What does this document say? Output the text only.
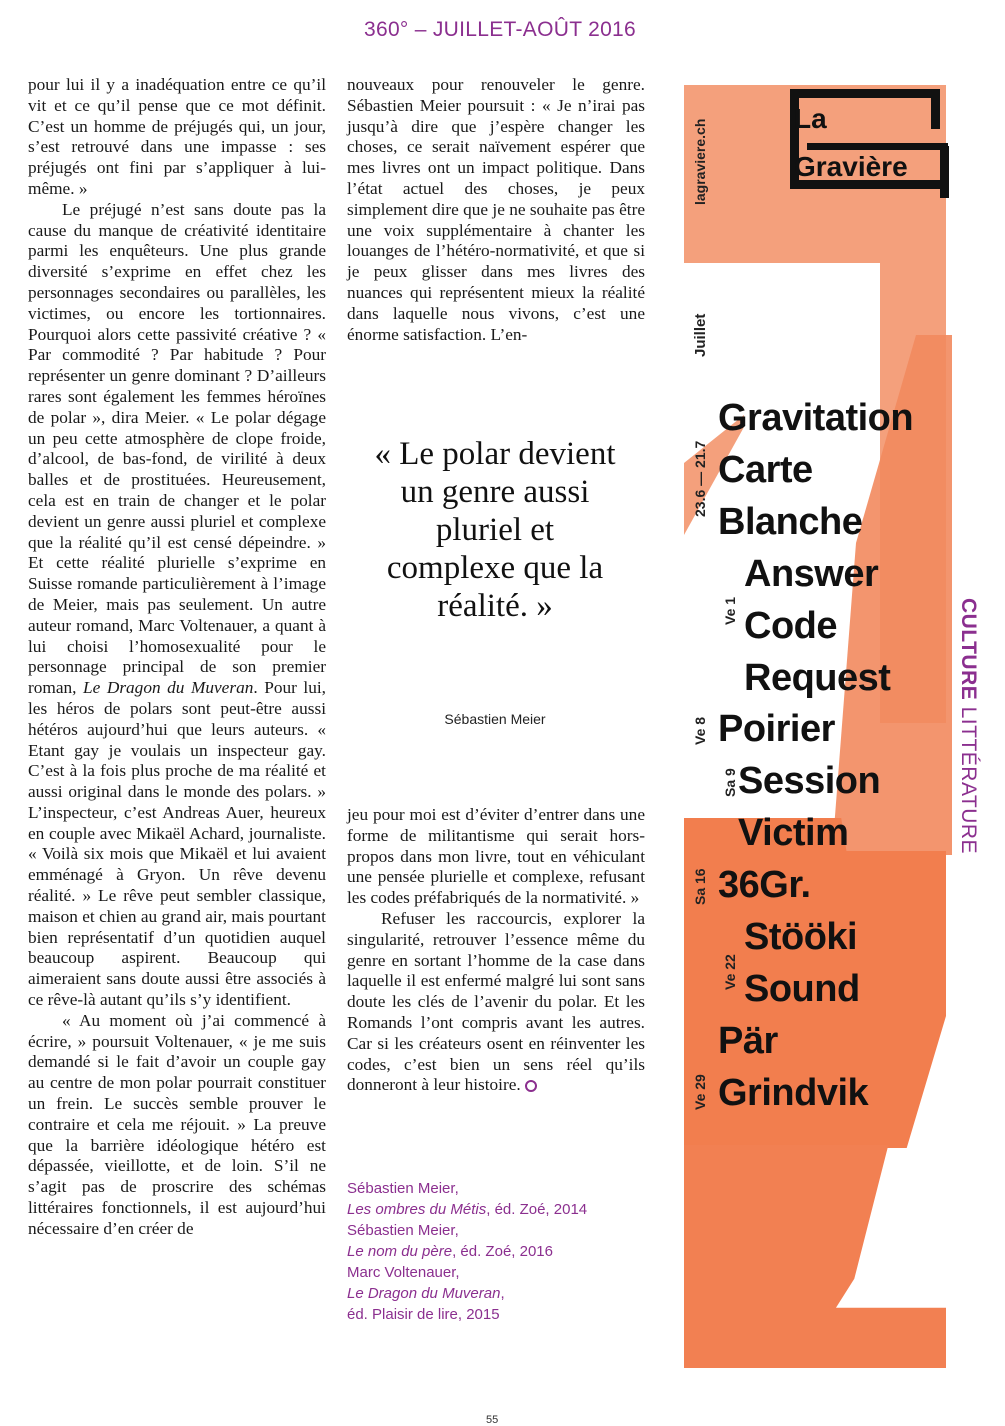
360° – JUILLET-AOÛT 2016

pour lui il y a inadéquation entre ce qu’il vit et ce qu’il pense que ce mot définit. C’est un homme de préjugés qui, un jour, s’est retrouvé dans une impasse : ses préjugés ont fini par s’appliquer à lui-même. »

Le préjugé n’est sans doute pas la cause du manque de créativité identitaire parmi les enquêteurs. Une plus grande diversité s’exprime en effet chez les personnages secondaires ou parallèles, les victimes, ou encore les tortionnaires. Pourquoi alors cette passivité créative ? « Par commodité ? Par habitude ? Pour représenter un genre dominant ? D’ailleurs rares sont également les femmes héroïnes de polar », dira Meier. « Le polar dégage un peu cette atmosphère de clope froide, d’alcool, de bas-fond, de virilité à deux balles et de prostituées. Heureusement, cela est en train de changer et le polar devient un genre aussi pluriel et complexe que la réalité qu’il est censé dépeindre. » Et cette réalité plurielle s’exprime en Suisse romande particulièrement à l’image de Meier, mais pas seulement. Un autre auteur romand, Marc Voltenauer, a quant à lui choisi l’homosexualité pour le personnage principal de son premier roman, Le Dragon du Muveran. Pour lui, les héros de polars sont peut-être aussi hétéros aujourd’hui que leurs auteurs. « Etant gay je voulais un inspecteur gay. C’est à la fois plus proche de ma réalité et aussi original dans le monde des polars. » L’inspecteur, c’est Andreas Auer, heureux en couple avec Mikaël Achard, journaliste. « Voilà six mois que Mikaël et lui avaient emménagé à Gryon. Un rêve devenu réalité. » Le rêve peut sembler classique, maison et chien au grand air, mais pourtant bien représentatif d’un quotidien auquel beaucoup aspirent. Beaucoup qui aimeraient sans doute aussi être associés à ce rêve-là autant qu’ils s’y identifient.

« Au moment où j’ai commencé à écrire, » poursuit Voltenauer, « je me suis demandé si le fait d’avoir un couple gay au centre de mon polar pourrait constituer un frein. Le succès semble prouver le contraire et cela me réjouit. » La preuve que la barrière idéologique hétéro est dépassée, vieillotte, et de loin. S’il ne s’agit pas de proscrire des schémas littéraires fonctionnels, il est aujourd’hui nécessaire d’en créer de

nouveaux pour renouveler le genre. Sébastien Meier poursuit : « Je n’irai pas jusqu’à dire que j’espère changer les choses, ce serait naïvement espérer que mes livres ont un impact politique. Dans l’état actuel des choses, je peux simplement dire que je ne souhaite pas être une voix supplémentaire à chanter les louanges de l’hétéro-normativité, et que si je peux glisser dans mes livres des nuances qui représentent mieux la réalité dans laquelle nous vivons, c’est une énorme satisfaction. L’en-

« Le polar devient un genre aussi pluriel et complexe que la réalité. »
Sébastien Meier

jeu pour moi est d’éviter d’entrer dans une forme de militantisme qui serait hors-propos dans mon livre, tout en véhiculant une pensée plurielle et complexe, refusant les codes préfabriqués de la normativité. »

Refuser les raccourcis, explorer la singularité, retrouver l’essence même du genre en sortant l’homme de la case dans laquelle il est enfermé malgré lui sont sans doute les clés de l’avenir du polar. Et les Romands l’ont compris avant les autres. Car si les créateurs osent en réinventer les codes, c’est bien un sens réel qu’ils donneront à leur histoire.

Sébastien Meier,
Les ombres du Métis, éd. Zoé, 2014
Sébastien Meier,
Le nom du père, éd. Zoé, 2016
Marc Voltenauer,
Le Dragon du Muveran,
éd. Plaisir de lire, 2015
La
Gravière
lagraviere.ch
Juillet
23.6 — 21.7
Gravitation
Carte
Blanche
Answer
Code
Request
Poirier
Session
Victim
36Gr.
Stööki
Sound
Pär
Grindvik
Ve 1
Ve 8
Sa 9
Sa 16
Ve 22
Ve 29
CULTURE LITTÉRATURE
55
